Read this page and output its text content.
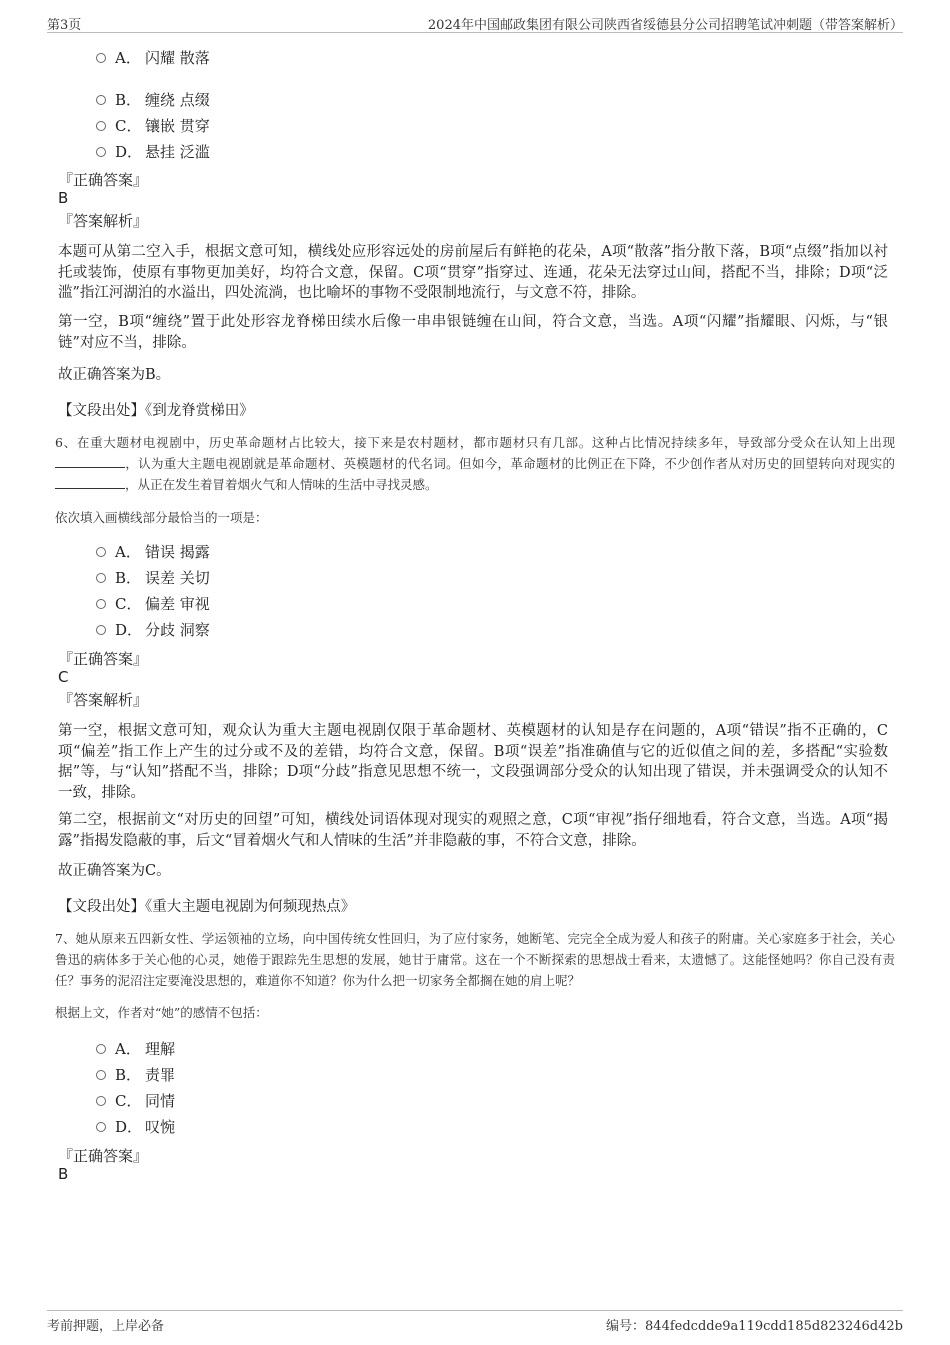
第3页	2024年中国邮政集团有限公司陕西省绥德县分公司招聘笔试冲刺题（带答案解析）
A． 闪耀 散落
B． 缠绕 点缀
C． 镶嵌 贯穿
D． 悬挂 泛滥
『正确答案』
B
『答案解析』
本题可从第二空入手，根据文意可知，横线处应形容远处的房前屋后有鲜艳的花朵，A项“散落”指分散下落，B项“点缀”指加以衬托或装饰，使原有事物更加美好，均符合文意，保留。C项“贯穿”指穿过、连通，花朵无法穿过山间，搭配不当，排除；D项“泛滥”指江河湖泊的水溢出，四处流淌，也比喻坏的事物不受限制地流行，与文意不符，排除。
第一空，B项“缠绕”置于此处形容龙脊梯田续水后像一串串银链缠在山间，符合文意，当选。A项“闪耀”指耀眼、闪烁，与“银链”对应不当，排除。
故正确答案为B。
【文段出处】《到龙脊赏梯田》
6、在重大题材电视剧中，历史革命题材占比较大，接下来是农村题材，都市题材只有几部。这种占比情况持续多年，导致部分受众在认知上出现，认为重大主题电视剧就是革命题材、英模题材的代名词。但如今，革命题材的比例正在下降，不少创作者从对历史的回望转向对现实的，从正在发生着冒着烟火气和人情味的生活中寻找灵感。
依次填入画横线部分最恰当的一项是：
A． 错误 揭露
B． 误差 关切
C． 偏差 审视
D． 分歧 洞察
『正确答案』
C
『答案解析』
第一空，根据文意可知，观众认为重大主题电视剧仅限于革命题材、英模题材的认知是存在问题的，A项“错误”指不正确的，C项“偏差”指工作上产生的过分或不及的差错，均符合文意，保留。B项“误差”指准确值与它的近似值之间的差，多搭配“实验数据”等，与“认知”搭配不当，排除；D项“分歧”指意见思想不统一，文段强调部分受众的认知出现了错误，并未强调受众的认知不一致，排除。
第二空，根据前文“对历史的回望”可知，横线处词语体现对现实的观照之意，C项“审视”指仔细地看，符合文意，当选。A项“揭露”指揭发隐蔽的事，后文“冒着烟火气和人情味的生活”并非隐蔽的事，不符合文意，排除。
故正确答案为C。
【文段出处】《重大主题电视剧为何频现热点》
7、她从原来五四新女性、学运领袖的立场，向中国传统女性回归，为了应付家务，她断笔、完完全全成为爱人和孩子的附庸。关心家庭多于社会，关心鲁迅的病体多于关心他的心灵，她倦于跟踪先生思想的发展，她甘于庸常。这在一个不断探索的思想战士看来，太遗憾了。这能怪她吗？你自己没有责任？事务的泥沼注定要淹没思想的，难道你不知道？你为什么把一切家务全都搁在她的肩上呢？
根据上文，作者对“她”的感情不包括：
A． 理解
B． 责罪
C． 同情
D． 叹惋
『正确答案』
B
考前押题，上岸必备	编号：844fedcdde9a119cdd185d823246d42b
